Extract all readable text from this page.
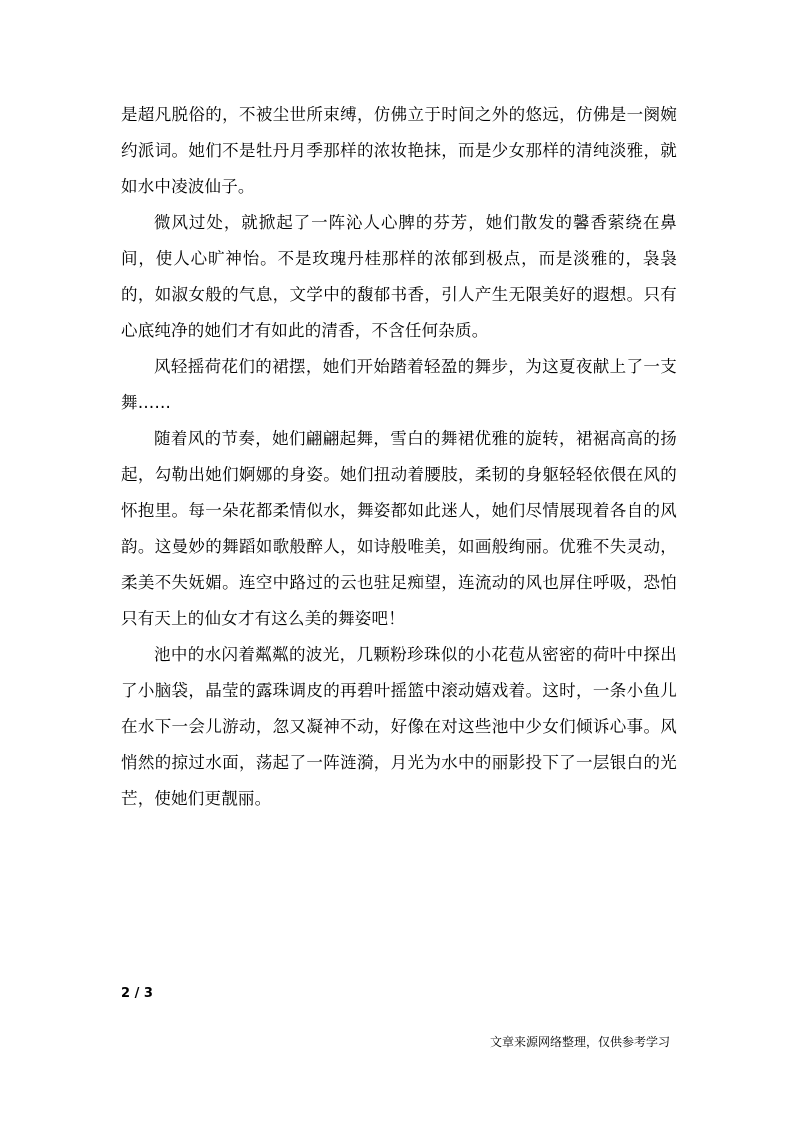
是超凡脱俗的，不被尘世所束缚，仿佛立于时间之外的悠远，仿佛是一阕婉约派词。她们不是牡丹月季那样的浓妆艳抹，而是少女那样的清纯淡雅，就如水中凌波仙子。

微风过处，就掀起了一阵沁人心脾的芬芳，她们散发的馨香萦绕在鼻间，使人心旷神怡。不是玫瑰丹桂那样的浓郁到极点，而是淡雅的，袅袅的，如淑女般的气息，文学中的馥郁书香，引人产生无限美好的遐想。只有心底纯净的她们才有如此的清香，不含任何杂质。

风轻摇荷花们的裙摆，她们开始踏着轻盈的舞步，为这夏夜献上了一支舞……

随着风的节奏，她们翩翩起舞，雪白的舞裙优雅的旋转，裙裾高高的扬起，勾勒出她们婀娜的身姿。她们扭动着腰肢，柔韧的身躯轻轻依偎在风的怀抱里。每一朵花都柔情似水，舞姿都如此迷人，她们尽情展现着各自的风韵。这曼妙的舞蹈如歌般醉人，如诗般唯美，如画般绚丽。优雅不失灵动，柔美不失妩媚。连空中路过的云也驻足痴望，连流动的风也屏住呼吸，恐怕只有天上的仙女才有这么美的舞姿吧！

池中的水闪着粼粼的波光，几颗粉珍珠似的小花苞从密密的荷叶中探出了小脑袋，晶莹的露珠调皮的再碧叶摇篮中滚动嬉戏着。这时，一条小鱼儿在水下一会儿游动，忽又凝神不动，好像在对这些池中少女们倾诉心事。风悄然的掠过水面，荡起了一阵涟漪，月光为水中的丽影投下了一层银白的光芒，使她们更靓丽。

2 / 3
文章来源网络整理，仅供参考学习
